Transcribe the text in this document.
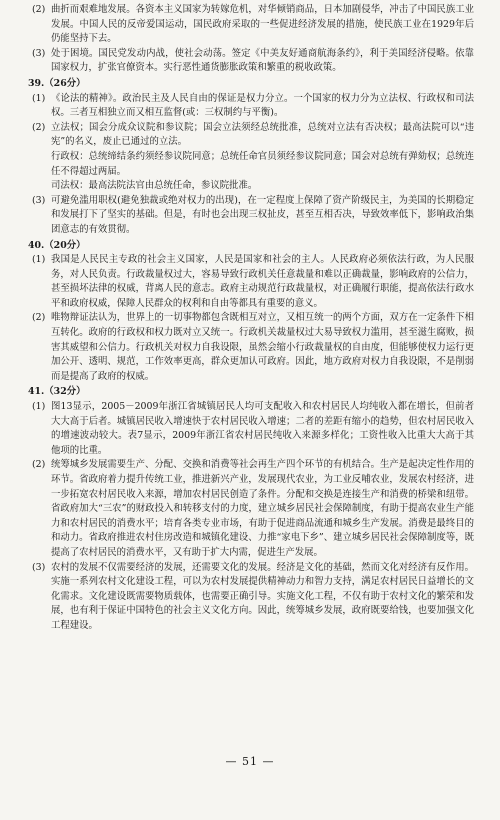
(2) 曲折而艰难地发展。各资本主义国家为转嫁危机，对华倾销商品，日本加剧侵华，冲击了中国民族工业发展。中国人民的反帝爱国运动，国民政府采取的一些促进经济发展的措施，使民族工业在1929年后仍能坚持下去。
(3) 处于困境。国民党发动内战，使社会动荡。签定《中美友好通商航海条约》，利于美国经济侵略。依靠国家权力，扩张官僚资本。实行恶性通货膨胀政策和繁重的税收政策。
39.（26分）
(1) 《论法的精神》。政治民主及人民自由的保证是权力分立。一个国家的权力分为立法权、行政权和司法权。三者互相独立而又相互监督(或：三权制约与平衡)。

(2) 立法权；国会分成众议院和参议院；国会立法须经总统批准，总统对立法有否决权；最高法院可以“违宪”的名义，废止已通过的立法。

行政权：总统缔结条约须经参议院同意；总统任命官员须经参议院同意；国会对总统有弹劾权；总统连任不得超过两届。

司法权：最高法院法官由总统任命，参议院批准。

(3) 可避免滥用职权(避免独裁或绝对权力的出现)，在一定程度上保障了资产阶级民主，为美国的长期稳定和发展打下了坚实的基础。但是，有时也会出现三权扯皮，甚至互相否决，导致效率低下，影响政治集团意志的有效贯彻。

40.（20分）
(1) 我国是人民民主专政的社会主义国家，人民是国家和社会的主人。人民政府必须依法行政，为人民服务，对人民负责。行政裁量权过大，容易导致行政机关任意裁量和难以正确裁量，影响政府的公信力，甚至损坏法律的权威，背离人民的意志。政府主动规范行政裁量权，对正确履行职能，提高依法行政水平和政府权威，保障人民群众的权利和自由等都具有重要的意义。

(2) 唯物辩证法认为，世界上的一切事物都包含既相互对立，又相互统一的两个方面，双方在一定条件下相互转化。政府的行政权和权力既对立又统一。行政机关裁量权过大易导致权力滥用，甚至滋生腐败，损害其威望和公信力。行政机关对权力自我设限，虽然会缩小行政裁量权的自由度，但能够使权力运行更加公开、透明、规范，工作效率更高，群众更加认可政府。因此，地方政府对权力自我设限，不是削弱而是提高了政府的权威。

41.（32分）
(1) 图13显示，2005－2009年浙江省城镇居民人均可支配收入和农村居民人均纯收入都在增长，但前者大大高于后者。城镇居民收入增速快于农村居民收入增速；二者的差距有缩小的趋势，但农村居民收入的增速波动较大。表7显示，2009年浙江省农村居民纯收入来源多样化；工资性收入比重大大高于其他项的比重。

(2) 统筹城乡发展需要生产、分配、交换和消费等社会再生产四个环节的有机结合。生产是起决定性作用的环节。省政府着力提升传统工业，推进新兴产业，发展现代农业，为工业反哺农业，发展农村经济，进一步拓宽农村居民收入来源，增加农村居民创造了条件。分配和交换是连接生产和消费的桥梁和纽带。省政府加大“三农”的财政投入和转移支付的力度，建立城乡居民社会保障制度，有助于提高农业生产能力和农村居民的消费水平；培育各类专业市场，有助于促进商品流通和城乡生产发展。消费是最终目的和动力。省政府推进农村住房改造和城镇化建设、力推“家电下乡”、建立城乡居民社会保障制度等，既提高了农村居民的消费水平，又有助于扩大内需，促进生产发展。

(3) 农村的发展不仅需要经济的发展，还需要文化的发展。经济是文化的基础，然而文化对经济有反作用。实施一系列农村文化建设工程，可以为农村发展提供精神动力和智力支持，满足农村居民日益增长的文化需求。文化建设既需要物质载体，也需要正确引导。实施文化工程，不仅有助于农村文化的繁荣和发展，也有利于保证中国特色的社会主义文化方向。因此，统筹城乡发展，政府既要给钱，也要加强文化工程建设。

— 51 —
